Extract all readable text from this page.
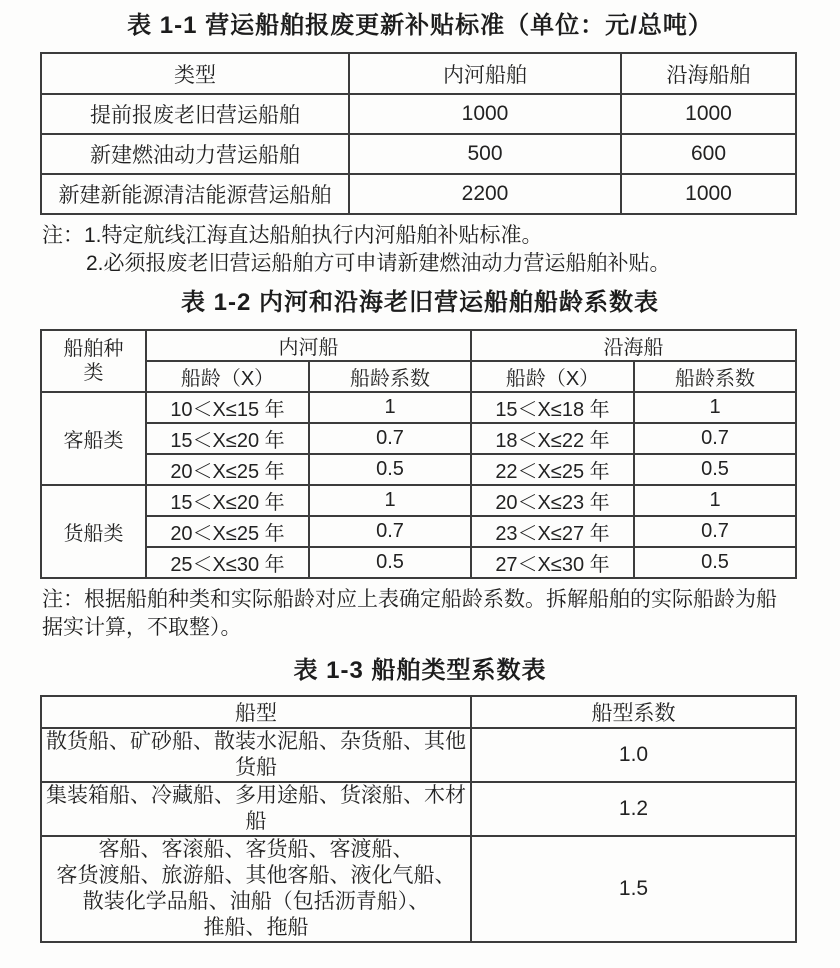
表 1-1 营运船舶报废更新补贴标准（单位：元/总吨）
类型	内河船舶	沿海船舶
提前报废老旧营运船舶	1000	1000
新建燃油动力营运船舶	500	600
新建新能源清洁能源营运船舶	2200	1000
注：1.特定航线江海直达船舶执行内河船舶补贴标准。
2.必须报废老旧营运船舶方可申请新建燃油动力营运船舶补贴。
表 1-2 内河和沿海老旧营运船舶船龄系数表
船舶种类	内河船		沿海船	
	船龄（X）	船龄系数	船龄（X）	船龄系数
客船类	10＜X≤15 年	1	15＜X≤18 年	1
	15＜X≤20 年	0.7	18＜X≤22 年	0.7
	20＜X≤25 年	0.5	22＜X≤25 年	0.5
货船类	15＜X≤20 年	1	20＜X≤23 年	1
	20＜X≤25 年	0.7	23＜X≤27 年	0.7
	25＜X≤30 年	0.5	27＜X≤30 年	0.5
注：根据船舶种类和实际船龄对应上表确定船龄系数。拆解船舶的实际船龄为船
据实计算，不取整）。
表 1-3 船舶类型系数表
船型	船型系数

散货船、矿砂船、散装水泥船、杂货船、其他
货船	1.0

集装箱船、冷藏船、多用途船、货滚船、木材
船	1.2

客船、客滚船、客货船、客渡船、
客货渡船、旅游船、其他客船、液化气船、
散装化学品船、油船（包括沥青船）、
推船、拖船	1.5
